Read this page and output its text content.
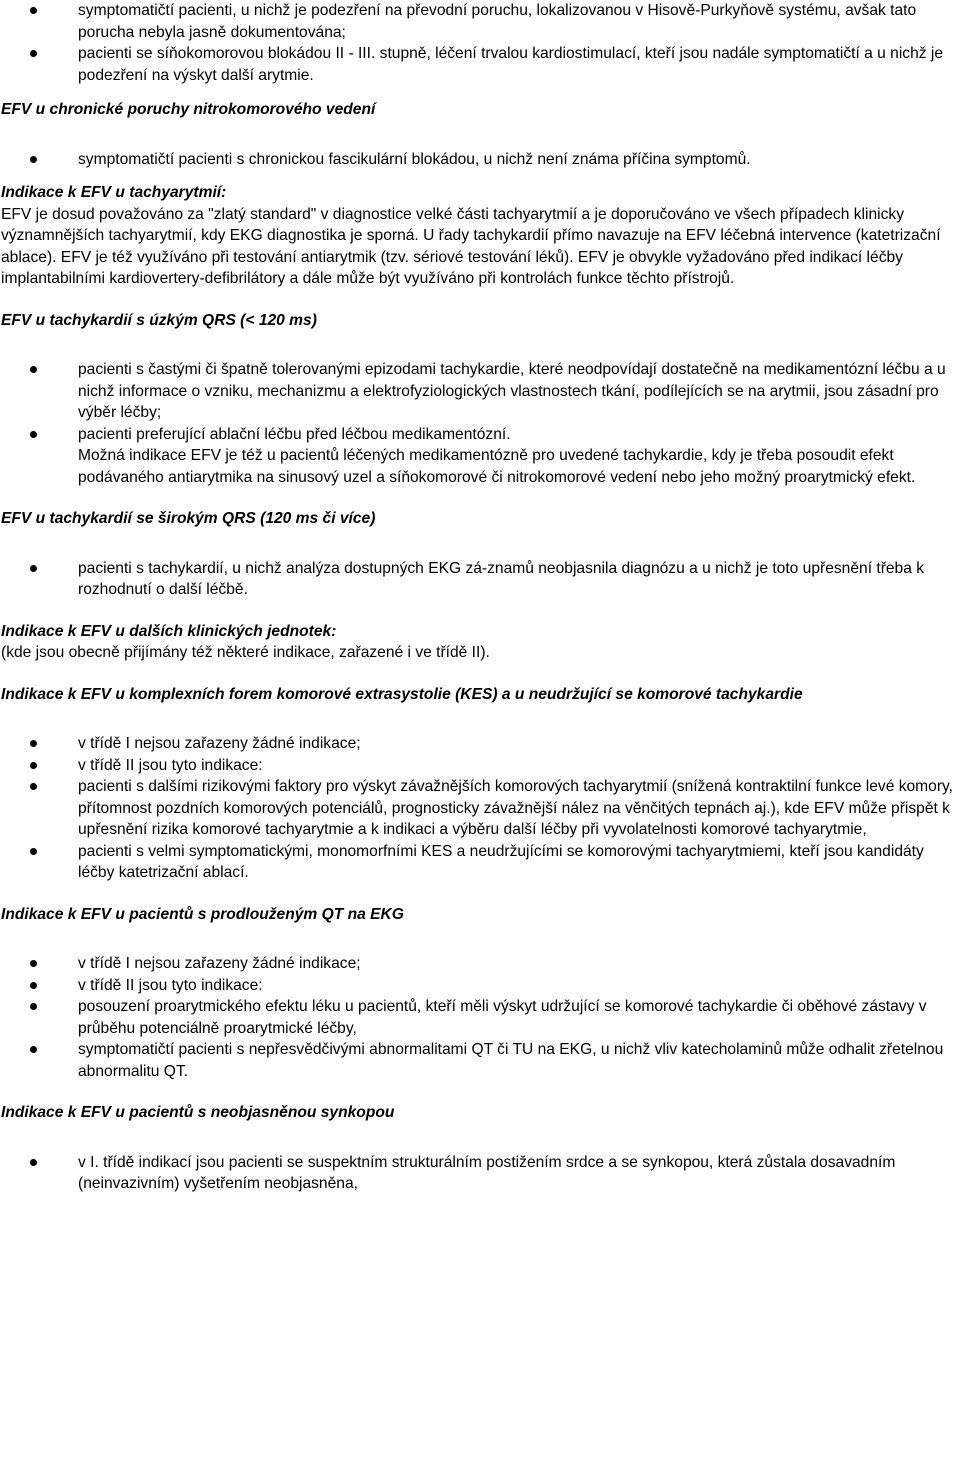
symptomatičtí pacienti, u nichž je podezření na převodní poruchu, lokalizovanou v Hisově-Purkyňově systému, avšak tato porucha nebyla jasně dokumentována;
pacienti se síňokomorovou blokádou II - III. stupně, léčení trvalou kardiostimulací, kteří jsou nadále symptomatičtí a u nichž je podezření na výskyt další arytmie.
EFV u chronické poruchy nitrokomorového vedení
symptomatičtí pacienti s chronickou fascikulární blokádou, u nichž není známa příčina symptomů.
Indikace k EFV u tachyarytmií:
EFV je dosud považováno za "zlatý standard" v diagnostice velké části tachyarytmií a je doporučováno ve všech případech klinicky významnějších tachyarytmií, kdy EKG diagnostika je sporná. U řady tachykardií přímo navazuje na EFV léčebná intervence (katetrizační ablace). EFV je též využíváno při testování antiarytmik (tzv. sériové testování léků). EFV je obvykle vyžadováno před indikací léčby implantabilními kardiovertery-defibrilátory a dále může být využíváno při kontrolách funkce těchto přístrojů.
EFV u tachykardií s úzkým QRS (< 120 ms)
pacienti s častými či špatně tolerovanými epizodami tachykardie, které neodpovídají dostatečně na medikamentózní léčbu a u nichž informace o vzniku, mechanizmu a elektrofyziologických vlastnostech tkání, podílejících se na arytmii, jsou zásadní pro výběr léčby;
pacienti preferující ablační léčbu před léčbou medikamentózní.
Možná indikace EFV je též u pacientů léčených medikamentózně pro uvedené tachykardie, kdy je třeba posoudit efekt podávaného antiarytmika na sinusový uzel a síňokomorové či nitrokomorové vedení nebo jeho možný proarytmický efekt.
EFV u tachykardií se širokým QRS (120 ms či více)
pacienti s tachykardií, u nichž analýza dostupných EKG zá-znamů neobjasnila diagnózu a u nichž je toto upřesnění třeba k rozhodnutí o další léčbě.
Indikace k EFV u dalších klinických jednotek:
(kde jsou obecně přijímány též některé indikace, zařazené i ve třídě II).
Indikace k EFV u komplexních forem komorové extrasystolie (KES) a u neudržující se komorové tachykardie
v třídě I nejsou zařazeny žádné indikace;
v třídě II jsou tyto indikace:
pacienti s dalšími rizikovými faktory pro výskyt závažnějších komorových tachyarytmií (snížená kontraktilní funkce levé komory, přítomnost pozdních komorových potenciálů, prognosticky závažnější nález na věnčitých tepnách aj.), kde EFV může přispět k upřesnění rizika komorové tachyarytmie a k indikaci a výběru další léčby při vyvolatelnosti komorové tachyarytmie,
pacienti s velmi symptomatickými, monomorfními KES a neudržujícími se komorovými tachyarytmiemi, kteří jsou kandidáty léčby katetrizační ablací.
Indikace k EFV u pacientů s prodlouženým QT na EKG
v třídě I nejsou zařazeny žádné indikace;
v třídě II jsou tyto indikace:
posouzení proarytmického efektu léku u pacientů, kteří měli výskyt udržující se komorové tachykardie či oběhové zástavy v průběhu potenciálně proarytmické léčby,
symptomatičtí pacienti s nepřesvědčivými abnormalitami QT či TU na EKG, u nichž vliv katecholaminů může odhalit zřetelnou abnormalitu QT.
Indikace k EFV u pacientů s neobjasněnou synkopou
v I. třídě indikací jsou pacienti se suspektním strukturálním postižením srdce a se synkopou, která zůstala dosavadním (neinvazivním) vyšetřením neobjasněna,
